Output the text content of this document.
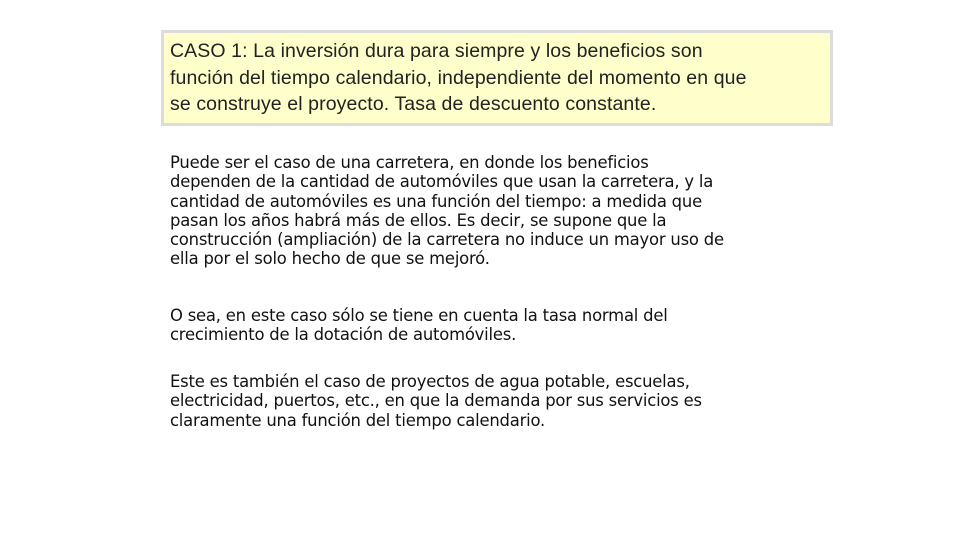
CASO 1: La inversión dura para siempre y los beneficios son
función del tiempo calendario, independiente del momento en que
se construye el proyecto. Tasa de descuento constante.
Puede ser el caso de una carretera, en donde los beneficios
dependen de la cantidad de automóviles que usan la carretera, y la
cantidad de automóviles es una función del tiempo: a medida que
pasan los años habrá más de ellos. Es decir, se supone que la
construcción (ampliación) de la carretera no induce un mayor uso de
ella por el solo hecho de que se mejoró.
O sea, en este caso sólo se tiene en cuenta la tasa normal del
crecimiento de la dotación de automóviles.
Este es también el caso de proyectos de agua potable, escuelas,
electricidad, puertos, etc., en que la demanda por sus servicios es
claramente una función del tiempo calendario.
